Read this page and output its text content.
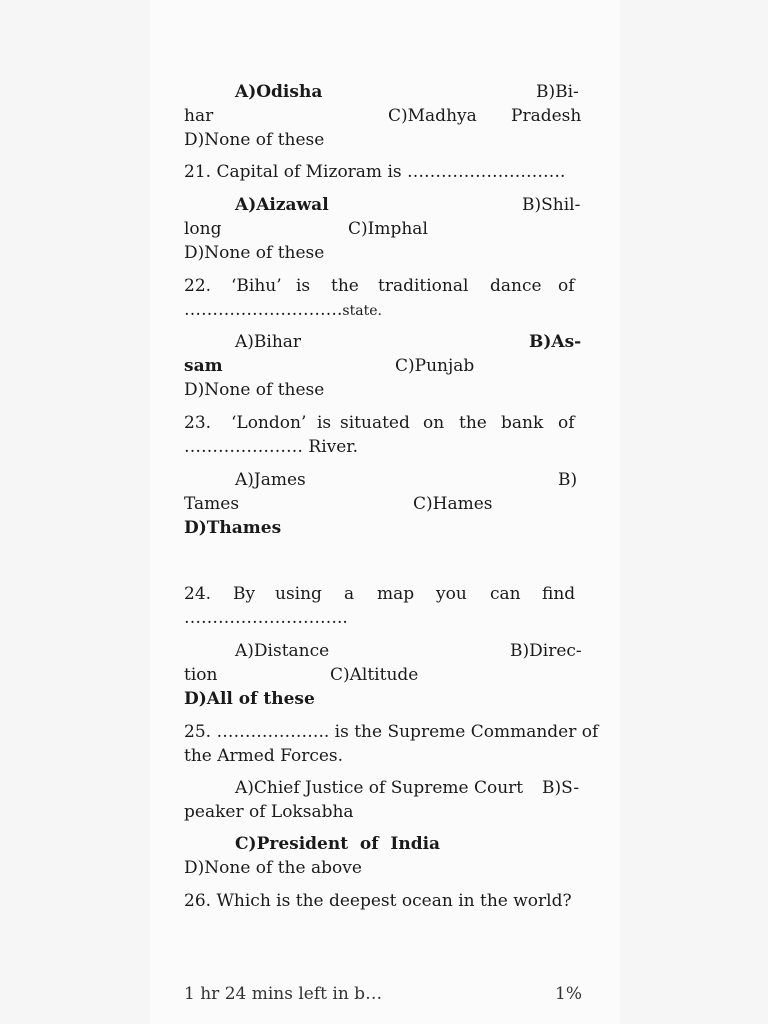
A)Odisha	B)Bi-
har	C)Madhya Pradesh
D)None of these
21. Capital of Mizoram is ……………………….
A)Aizawal	B)Shil-
long	C)Imphal
D)None of these
22. ‘Bihu’ is the traditional dance of
……………………….state.
A)Bihar	B)As-
sam	C)Punjab
D)None of these
23. ‘London’ is situated on the bank of
………………… River.
A)James	B)
Tames	C)Hames
D)Thames
24. By using a map you can find
………………………..
A)Distance	B)Direc-
tion	C)Altitude
D)All of these
25. ……………….. is the Supreme Commander of
the Armed Forces.
A)Chief Justice of Supreme Court B)S-
peaker of Loksabha
C)President  of  India
D)None of the above
26. Which is the deepest ocean in the world?
1 hr 24 mins left in b…	1%
